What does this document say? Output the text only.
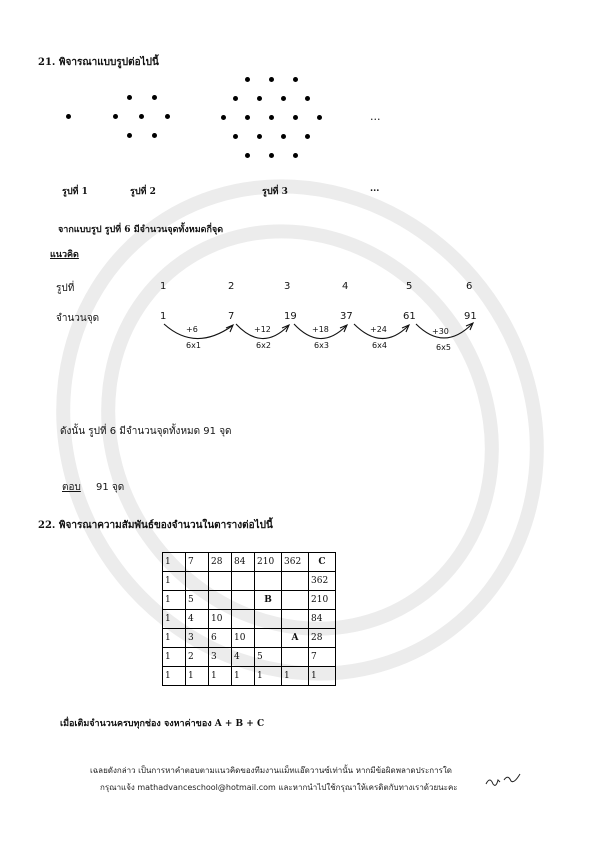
21. พิจารณาแบบรูปต่อไปนี้
...
รูปที่ 1	รูปที่ 2	รูปที่ 3	...
จากแบบรูป รูปที่ 6 มีจำนวนจุดทั้งหมดกี่จุด
แนวคิด
รูปที่
จำนวนจุด
1	2	3	4	5	6
1	7	19	37	61	91
+6	+12	+18	+24	+30
6x1	6x2	6x3	6x4	6x5
ดังนั้น รูปที่ 6 มีจำนวนจุดทั้งหมด 91 จุด
ตอบ 91 จุด
22. พิจารณาความสัมพันธ์ของจำนวนในตารางต่อไปนี้
1	7	28	84	210	362	C
1						362
1	5			B		210
1	4	10				84
1	3	6	10		A	28
1	2	3	4	5		7
1	1	1	1	1	1	1
เมื่อเติมจำนวนครบทุกช่อง จงหาค่าของ A + B + C
เฉลยดังกล่าว เป็นการหาคำตอบตามแนวคิดของทีมงานแม็ทแอ๊ดวานซ์เท่านั้น หากมีข้อผิดพลาดประการใด
กรุณาแจ้ง mathadvanceschool@hotmail.com และหากนำไปใช้กรุณาให้เครดิตกับทางเราด้วยนะคะ
